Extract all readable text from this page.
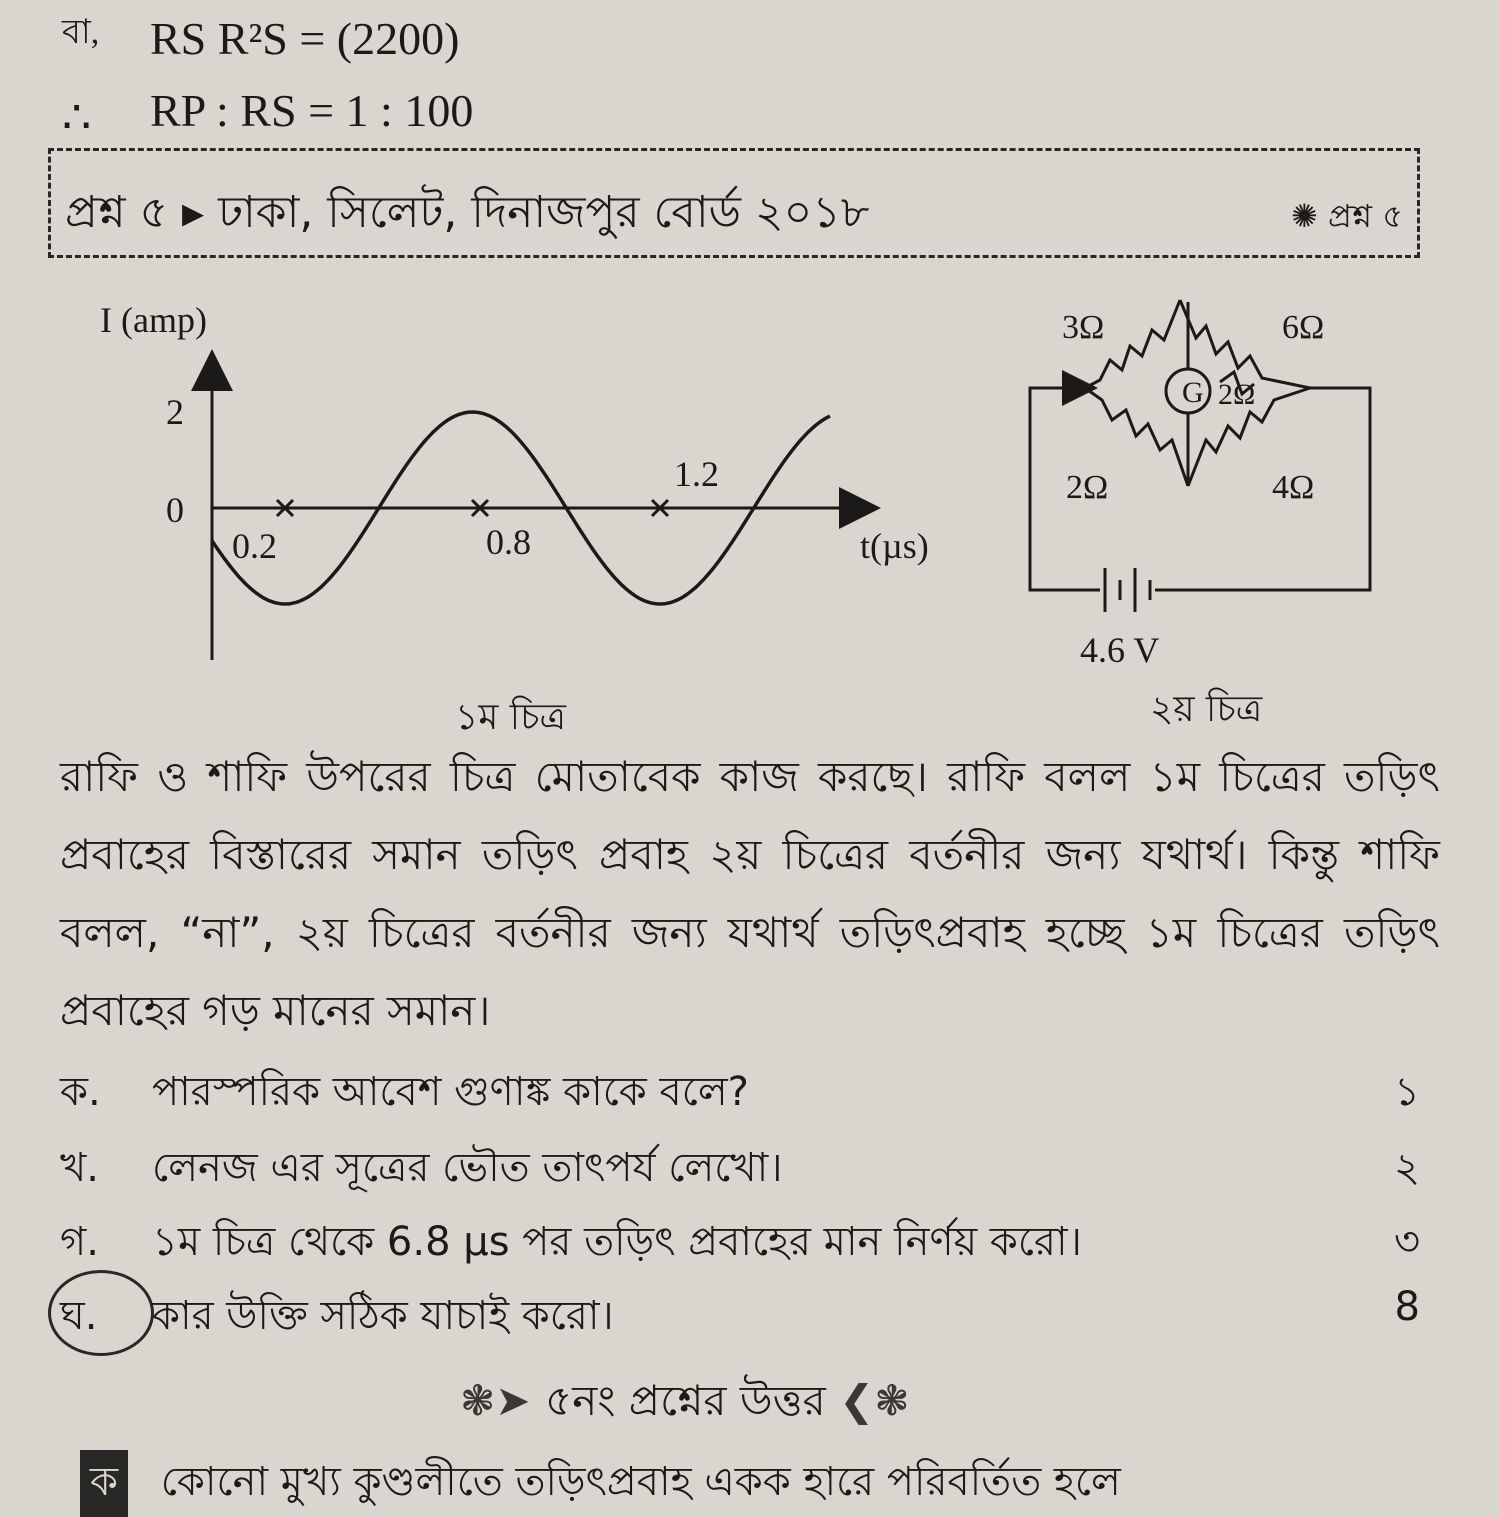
বা, RS R²S = (2200)
∴ RP : RS = 1 : 100
প্রশ্ন ৫ ▸ ঢাকা, সিলেট, দিনাজপুর বোর্ড ২০১৮	✺ প্রশ্ন ৫
I (amp)
t(µs)
2
0
0.2	0.8
1.2
১ম চিত্র
G
3Ω	6Ω
2Ω
2Ω	4Ω
4.6 V
২য় চিত্র
রাফি ও শাফি উপরের চিত্র মোতাবেক কাজ করছে। রাফি বলল ১ম চিত্রের তড়িৎ প্রবাহের বিস্তারের সমান তড়িৎ প্রবাহ ২য় চিত্রের বর্তনীর জন্য যথার্থ। কিন্তু শাফি বলল, “না”, ২য় চিত্রের বর্তনীর জন্য যথার্থ তড়িৎপ্রবাহ হচ্ছে ১ম চিত্রের তড়িৎ প্রবাহের গড় মানের সমান।
ক. পারস্পরিক আবেশ গুণাঙ্ক কাকে বলে?	১
খ. লেনজ এর সূত্রের ভৌত তাৎপর্য লেখো।	২
গ. ১ম চিত্র থেকে 6.8 µs পর তড়িৎ প্রবাহের মান নির্ণয় করো।	৩
ঘ. কার উক্তি সঠিক যাচাই করো।	8
❃➤ ৫নং প্রশ্নের উত্তর ❮❃
ক কোনো মুখ্য কুণ্ডলীতে তড়িৎপ্রবাহ একক হারে পরিবর্তিত হলে
